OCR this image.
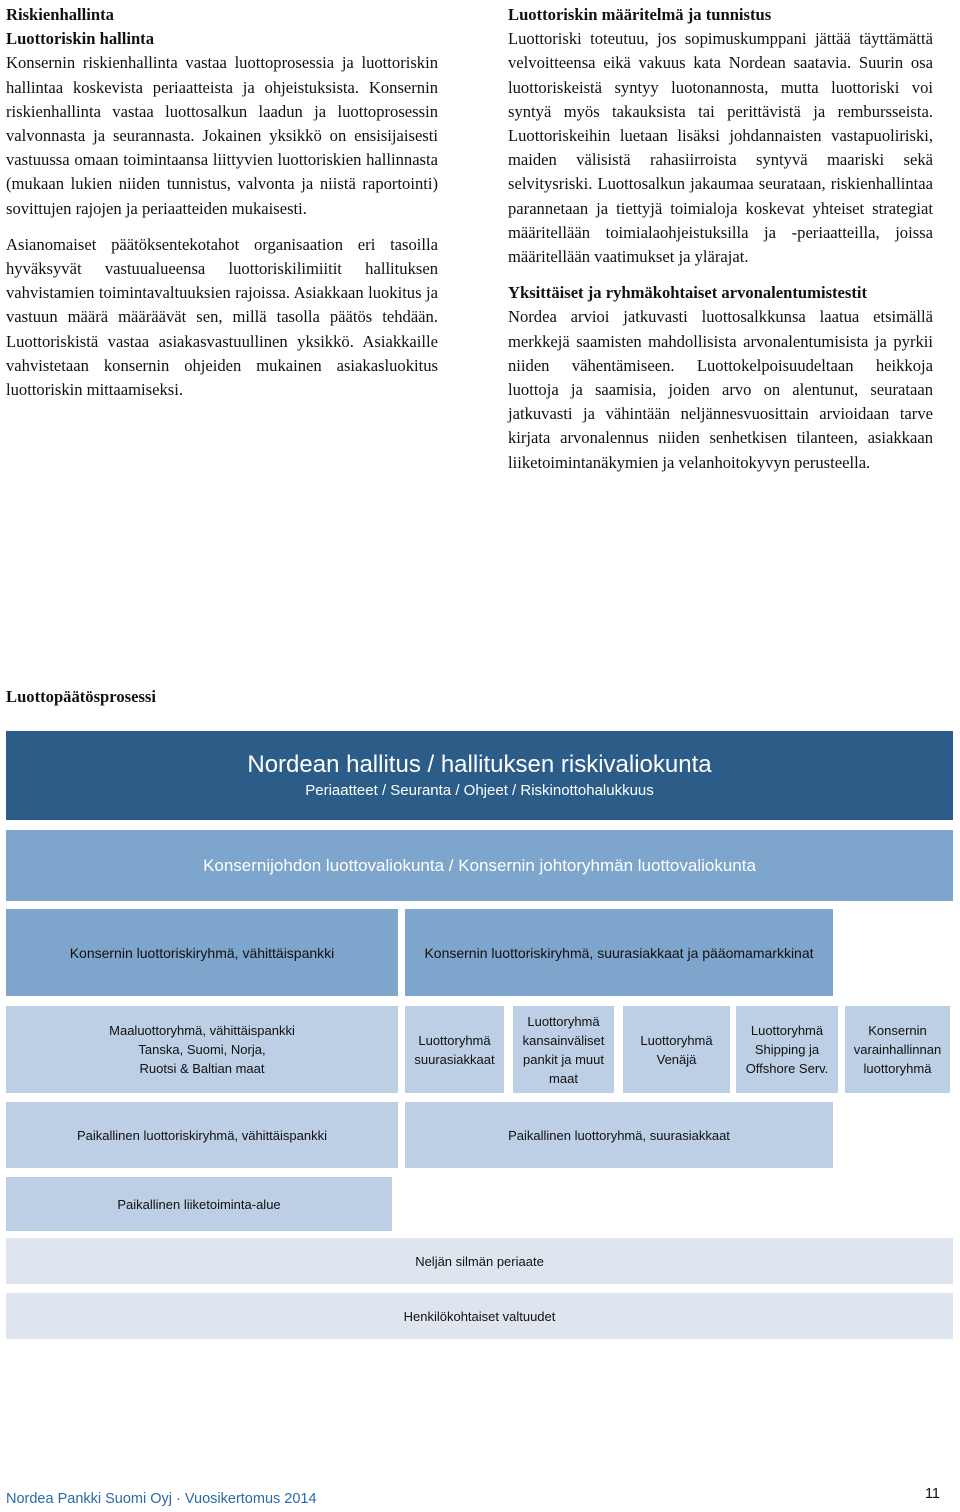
Riskienhallinta
Luottoriskin hallinta

Konsernin riskienhallinta vastaa luottoprosessia ja luottoriskin hallintaa koskevista periaatteista ja ohjeistuksista. Konsernin riskienhallinta vastaa luottosalkun laadun ja luottoprosessin valvonnasta ja seurannasta. Jokainen yksikkö on ensisijaisesti vastuussa omaan toimintaansa liittyvien luottoriskien hallinnasta (mukaan lukien niiden tunnistus, valvonta ja niistä raportointi) sovittujen rajojen ja periaatteiden mukaisesti.

Asianomaiset päätöksentekotahot organisaation eri tasoilla hyväksyvät vastuualueensa luottoriskilimiitit hallituksen vahvistamien toimintavaltuuksien rajoissa. Asiakkaan luokitus ja vastuun määrä määräävät sen, millä tasolla päätös tehdään. Luottoriskistä vastaa asiakasvastuullinen yksikkö. Asiakkaille vahvistetaan konsernin ohjeiden mukainen asiakasluokitus luottoriskin mittaamiseksi.

Luottoriskin määritelmä ja tunnistus

Luottoriski toteutuu, jos sopimuskumppani jättää täyttämättä velvoitteensa eikä vakuus kata Nordean saatavia. Suurin osa luottoriskeistä syntyy luotonannosta, mutta luottoriski voi syntyä myös takauksista tai perittävistä ja rembursseista. Luottoriskeihin luetaan lisäksi johdannaisten vastapuoliriski, maiden välisistä rahasiirroista syntyvä maariski sekä selvitysriski. Luottosalkun jakaumaa seurataan, riskienhallintaa parannetaan ja tiettyjä toimialoja koskevat yhteiset strategiat määritellään toimialaohjeistuksilla ja -periaatteilla, joissa määritellään vaatimukset ja ylärajat.

Yksittäiset ja ryhmäkohtaiset arvonalentumistestit

Nordea arvioi jatkuvasti luottosalkkunsa laatua etsimällä merkkejä saamisten mahdollisista arvonalentumisista ja pyrkii niiden vähentämiseen. Luottokelpoisuudeltaan heikkoja luottoja ja saamisia, joiden arvo on alentunut, seurataan jatkuvasti ja vähintään neljännesvuosittain arvioidaan tarve kirjata arvonalennus niiden senhetkisen tilanteen, asiakkaan liiketoimintanäkymien ja velanhoitokyvyn perusteella.

Luottopäätösprosessi
Nordean hallitus / hallituksen riskivaliokunta
Periaatteet / Seuranta / Ohjeet / Riskinottohalukkuus
Konsernijohdon luottovaliokunta / Konsernin johtoryhmän luottovaliokunta
Konsernin luottoriskiryhmä, vähittäispankki	Konsernin luottoriskiryhmä, suurasiakkaat ja pääomamarkkinat
Maaluottoryhmä, vähittäispankki
Tanska, Suomi, Norja,
Ruotsi & Baltian maat
Luottoryhmä
suurasiakkaat
Luottoryhmä
kansainväliset
pankit ja muut
maat
Luottoryhmä
Venäjä
Luottoryhmä
Shipping ja
Offshore Serv.
Konsernin
varainhallinnan
luottoryhmä
Paikallinen luottoriskiryhmä, vähittäispankki	Paikallinen luottoryhmä, suurasiakkaat
Paikallinen liiketoiminta-alue
Neljän silmän periaate
Henkilökohtaiset valtuudet
Nordea Pankki Suomi Oyj · Vuosikertomus 2014	11
